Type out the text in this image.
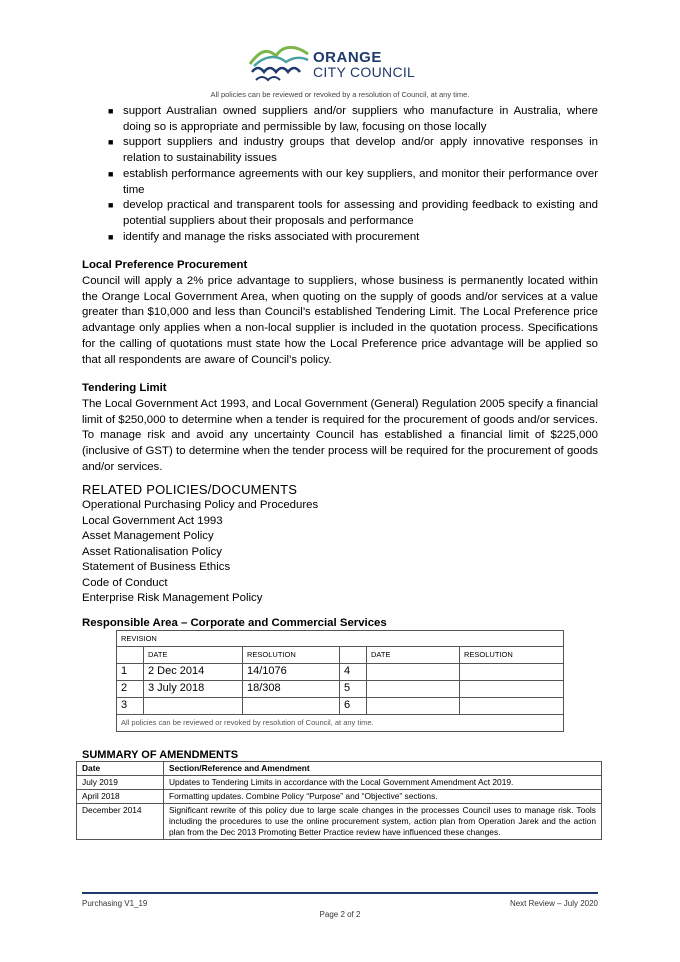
ORANGE
CITY COUNCIL
All policies can be reviewed or revoked by a resolution of Council, at any time.
■ support Australian owned suppliers and/or suppliers who manufacture in Australia, where doing so is appropriate and permissible by law, focusing on those locally
■ support suppliers and industry groups that develop and/or apply innovative responses in relation to sustainability issues
■ establish performance agreements with our key suppliers, and monitor their performance over time
■ develop practical and transparent tools for assessing and providing feedback to existing and potential suppliers about their proposals and performance
■ identify and manage the risks associated with procurement
Local Preference Procurement

Council will apply a 2% price advantage to suppliers, whose business is permanently located within the Orange Local Government Area, when quoting on the supply of goods and/or services at a value greater than $10,000 and less than Council’s established Tendering Limit. The Local Preference price advantage only applies when a non-local supplier is included in the quotation process. Specifications for the calling of quotations must state how the Local Preference price advantage will be applied so that all respondents are aware of Council’s policy.

Tendering Limit

The Local Government Act 1993, and Local Government (General) Regulation 2005 specify a financial limit of $250,000 to determine when a tender is required for the procurement of goods and/or services. To manage risk and avoid any uncertainty Council has established a financial limit of $225,000 (inclusive of GST) to determine when the tender process will be required for the procurement of goods and/or services.

RELATED POLICIES/DOCUMENTS
Operational Purchasing Policy and Procedures
Local Government Act 1993
Asset Management Policy
Asset Rationalisation Policy
Statement of Business Ethics
Code of Conduct
Enterprise Risk Management Policy
Responsible Area – Corporate and Commercial Services
REVISION					
	DATE	RESOLUTION		DATE	RESOLUTION
1	2 Dec 2014	14/1076	4		
2	3 July 2018	18/308	5		
3			6		
All policies can be reviewed or revoked by resolution of Council, at any time.					
SUMMARY OF AMENDMENTS
Date	Section/Reference and Amendment
July 2019	Updates to Tendering Limits in accordance with the Local Government Amendment Act 2019.
April 2018	Formatting updates. Combine Policy “Purpose” and “Objective” sections.
December 2014	Significant rewrite of this policy due to large scale changes in the processes Council uses to manage risk. Tools including the procedures to use the online procurement system, action plan from Operation Jarek and the action plan from the Dec 2013 Promoting Better Practice review have influenced these changes.
Purchasing V1_19	Next Review – July 2020
Page 2 of 2
